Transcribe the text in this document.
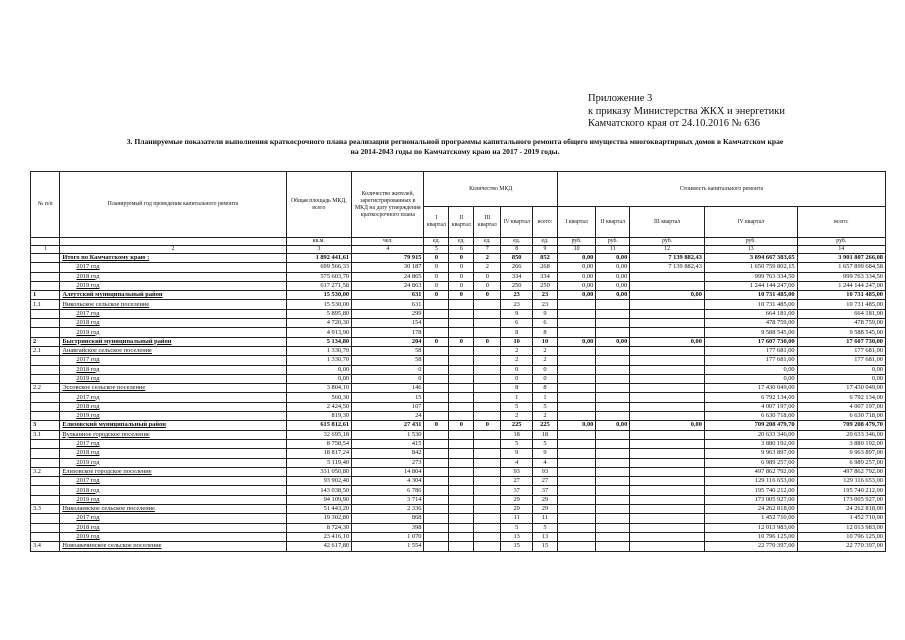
Приложение 3
к приказу Министерства ЖКХ и энергетики
Камчатского края от 24.10.2016 № 636
3. Планируемые показатели выполнения краткосрочного плана реализации региональной программы капитального ремонта общего имущества многоквартирных домов в Камчатском крае
на 2014-2043 годы по Камчатскому краю на 2017 - 2019 годы.
№ п/п	Планируемый год проведения капитального ремонта	Общая площадь МКД, всего	Количество жителей, зарегистрированных в МКД на дату утверждения краткосрочного плана	Количество МКД					Стоимость капитального ремонта				
				I квартал	II квартал	III квартал	IV квартал	всего:	I квартал	II квартал	III квартал	IV квартал	всего:
		кв.м.	чел.	ед.	ед.	ед.	ед.	ед.	руб.	руб.	руб.	руб.	руб.
1	2	3	4	5	6	7	8	9	10	11	12	13	14
	Итого по Камчатскому краю :	1 892 441,61	79 915	0	0	2	850	852	0,00	0,00	7 139 882,43	3 894 667 383,65	3 901 807 266,08
	2017 год	699 566,33	30 187	0	0	2	266	268	0,00	0,00	7 139 882,43	1 650 759 802,15	1 657 899 684,58
	2018 год	575 603,70	24 865	0	0	0	334	334	0,00	0,00		999 763 334,50	999 763 334,50
	2019 год	617 271,58	24 863	0	0	0	250	250	0,00	0,00		1 244 144 247,00	1 244 144 247,00
1	Алеутский муниципальный район	15 530,00	631	0	0	0	23	23	0,00	0,00	0,00	10 731 485,00	10 731 485,00
1.1	Никольское сельское поселение	15 530,00	631				23	23				10 731 485,00	10 731 485,00
	2017 год	5 895,80	299				9	9				664 181,00	664 181,00
	2018 год	4 720,30	154				6	6				478 759,00	478 759,00
	2019 год	4 913,90	178				8	8				9 588 545,00	9 588 545,00
2	Быстринский муниципальный район	5 134,80	204	0	0	0	10	10	0,00	0,00	0,00	17 607 730,00	17 607 730,00
2.1	Анавгайское сельское поселение	1 330,70	58				2	2				177 681,00	177 681,00
	2017 год	1 330,70	58				2	2				177 681,00	177 681,00
	2018 год	0,00	0				0	0				0,00	0,00
	2019 год	0,00	0				0	0				0,00	0,00
2.2	Эссовское сельское поселение	3 804,10	146				8	8				17 430 049,00	17 430 049,00
	2017 год	560,30	15				1	1				6 792 134,00	6 792 134,00
	2018 год	2 424,50	107				5	5				4 007 197,00	4 007 197,00
	2019 год	819,30	24				2	2				6 630 718,00	6 630 718,00
3	Елизовский муниципальный район	615 812,61	27 431	0	0	0	225	225	0,00	0,00	0,00	709 208 479,70	709 208 479,70
3.1	Вулканное городское поселение	32 695,18	1 530				18	18				20 633 346,00	20 633 346,00
	2017 год	8 758,54	415				5	5				3 880 192,00	3 880 192,00
	2018 год	18 817,24	842				9	9				9 963 897,00	9 963 897,00
	2019 год	5 119,40	273				4	4				6 989 257,00	6 989 257,00
3.2	Елизовское городское поселение	331 050,80	14 804				93	93				497 862 792,00	497 862 792,00
	2017 год	93 902,40	4 304				27	27				129 116 653,00	129 116 653,00
	2018 год	143 038,50	6 786				37	37				195 740 212,00	195 740 212,00
	2019 год	94 109,90	3 714				29	29				173 005 927,00	173 005 927,00
3.3	Николаевское сельское поселение	51 443,20	2 336				29	29				24 262 818,00	24 262 818,00
	2017 год	19 302,80	868				11	11				1 452 710,00	1 452 710,00
	2018 год	8 724,30	398				5	5				12 013 983,00	12 013 983,00
	2019 год	23 416,10	1 070				13	13				10 796 125,00	10 796 125,00
3.4	Новоавачинское сельское поселение	42 617,80	1 554				15	15				22 770 397,00	22 770 397,00
